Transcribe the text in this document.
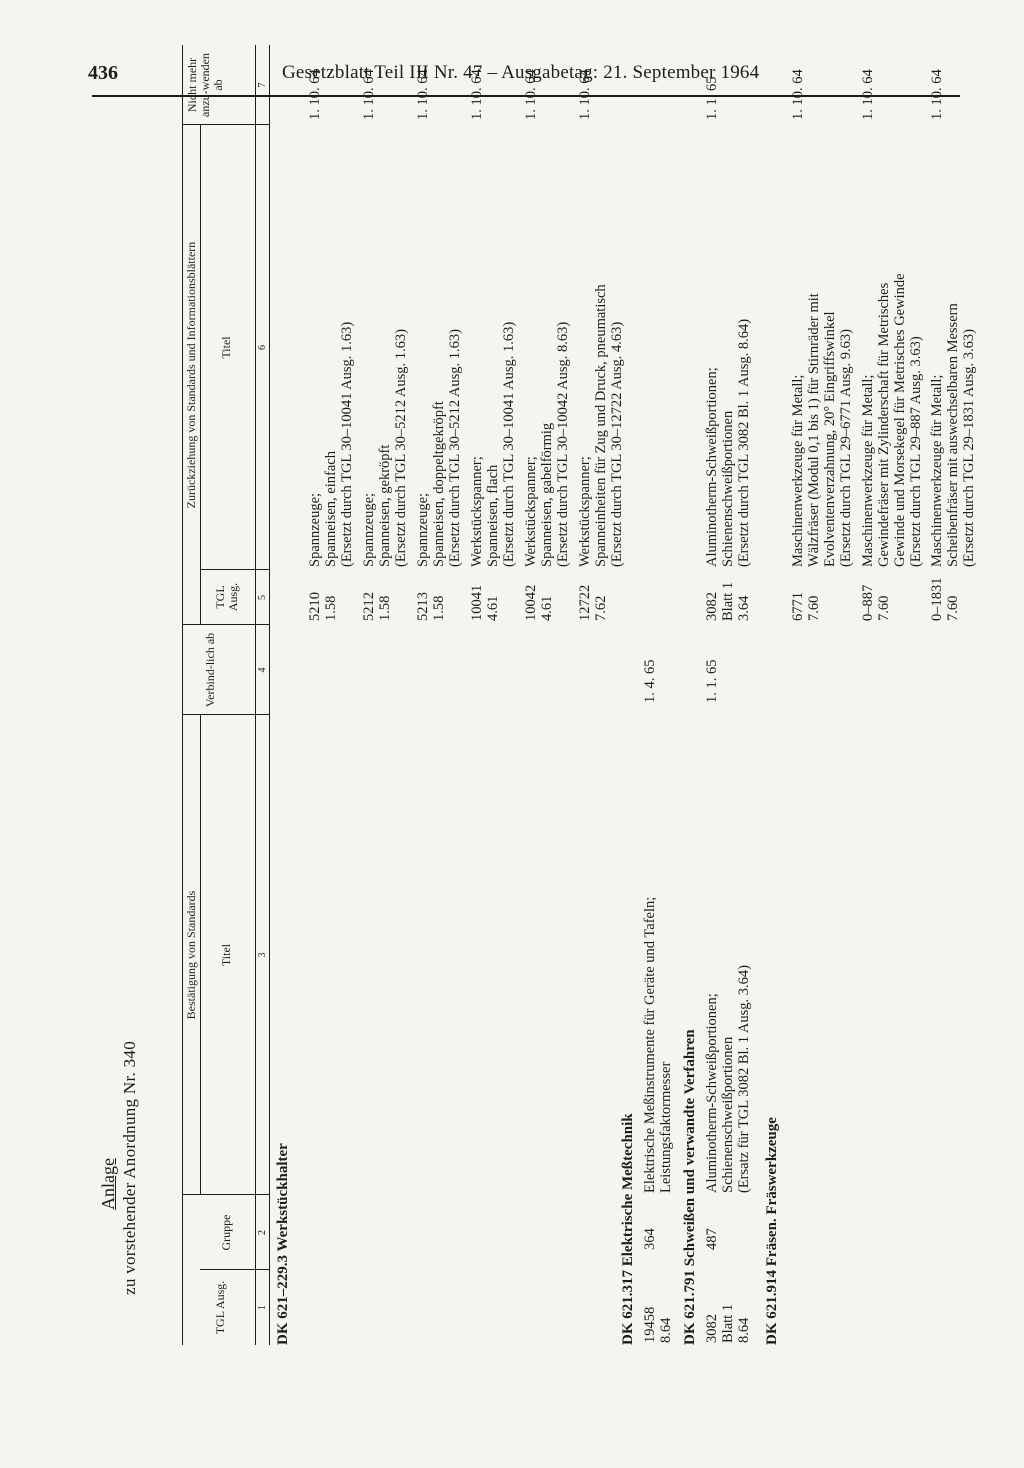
436	Gesetzblatt Teil III Nr. 47 – Ausgabetag: 21. September 1964
Anlage zu vorstehender Anordnung Nr. 340
Bestätigung von Standards
Zurückziehung von Standards und Informationsblättern
TGL Ausg.
Gruppe
Titel
Verbind-lich ab
TGL Ausg.
Titel
Nicht mehr anzu-wenden ab
1
2
3
4
5
6
7
DK 621–229.3 Werkstückhalter
5210 1.58
Spannzeuge; Spanneisen, einfach (Ersetzt durch TGL 30–10041 Ausg. 1.63)
1. 10. 64
5212 1.58
Spannzeuge; Spanneisen, gekröpft (Ersetzt durch TGL 30–5212 Ausg. 1.63)
1. 10. 64
5213 1.58
Spannzeuge; Spanneisen, doppeltgekröpft (Ersetzt durch TGL 30–5212 Ausg. 1.63)
1. 10. 64
10041 4.61
Werkstückspanner; Spanneisen, flach (Ersetzt durch TGL 30–10041 Ausg. 1.63)
1. 10. 64
10042 4.61
Werkstückspanner; Spanneisen, gabelförmig (Ersetzt durch TGL 30–10042 Ausg. 8.63)
1. 10. 64
12722 7.62
Werkstückspanner; Spanneinheiten für Zug und Druck, pneumatisch (Ersetzt durch TGL 30–12722 Ausg. 4.63)
1. 10. 64
DK 621.317 Elektrische Meßtechnik 19458 8.64
364
Elektrische Meßinstrumente für Geräte und Tafeln; Leistungsfaktormesser
1. 4. 65
DK 621.791 Schweißen und verwandte Verfahren 3082 Blatt 1 8.64
487
Aluminotherm-Schweißportionen; Schienenschweißportionen (Ersatz für TGL 3082 Bl. 1 Ausg. 3.64)
1. 1. 65
3082 Blatt 1 3.64
Aluminotherm-Schweißportionen; Schienenschweißportionen (Ersetzt durch TGL 3082 Bl. 1 Ausg. 8.64)
1. 1. 65
DK 621.914 Fräsen. Fräswerkzeuge
6771 7.60
Maschinenwerkzeuge für Metall; Wälzfräser (Modul 0,1 bis 1) für Stirnräder mit Evolventenverzahnung, 20° Eingriffswinkel (Ersetzt durch TGL 29–6771 Ausg. 9.63)
1. 10. 64
0–887 7.60
Maschinenwerkzeuge für Metall; Gewindefräser mit Zylinderschaft für Metrisches Gewinde und Morsekegel für Metrisches Gewinde (Ersetzt durch TGL 29–887 Ausg. 3.63)
1. 10. 64
0–1831 7.60
Maschinenwerkzeuge für Metall; Scheibenfräser mit auswechselbaren Messern (Ersetzt durch TGL 29–1831 Ausg. 3.63)
1. 10. 64
